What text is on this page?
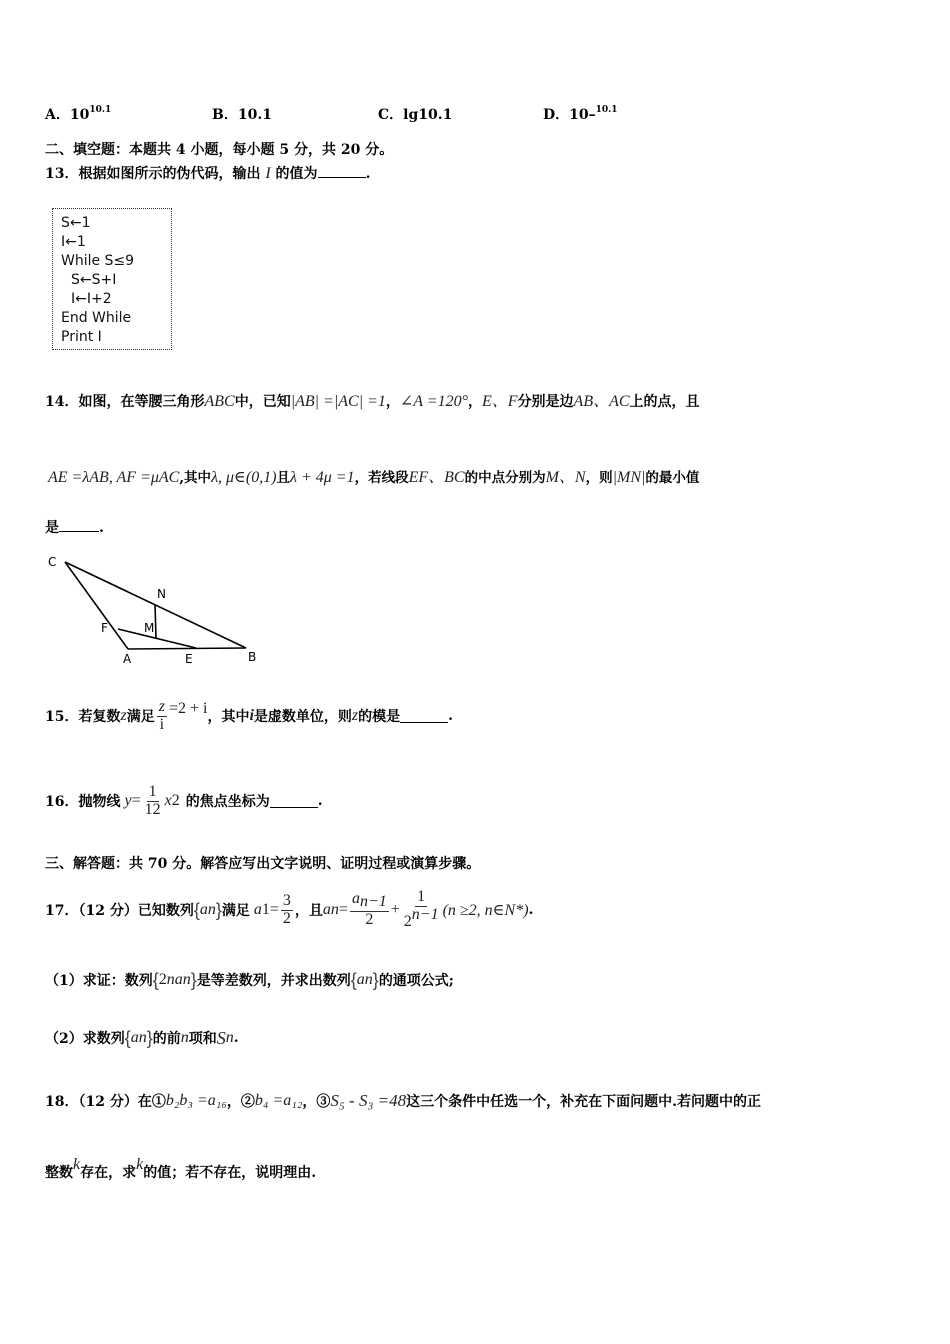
A．$10^{10.1}$	B．10.1	C．lg10.1	D．10–$^{10.1}$
二、填空题：本题共 4 小题，每小题 5 分，共 20 分。
13．根据如图所示的伪代码，输出 I 的值为	.
S←1
I←1
While S≤9
S←S+I
I←I+2
End While
Print I
14．如图，在等腰三角形ABC中，已知|AB| =|AC| =1，∠A =120°，E、F分别是边AB、AC上的点，且
AE =λAB, AF =μAC,其中λ, μ∈(0,1)且λ + 4μ =1，若线段EF、BC的中点分别为M、N，则|MN|的最小值
是	.
C
N
F	M
A	E	B
15．若复数 z 满足 $\frac{z}{i} =2 + i$ ，其中 i 是虚数单位，则 z 的模是	.
16．抛物线 $y = \frac{1}{12}$ x 2 的焦点坐标为	.
三、解答题：共 70 分。解答应写出文字说明、证明过程或演算步骤。
17．（12 分）已知数列 { a n } 满足 a $1 = \frac{3}{2}$ ，且 a $n = \frac{a_{n-1}}{2} + \frac{1}{2^{n-1}} (n \ge 2$, n∈N*) .
（1）求证：数列 { 2 n a n } 是等差数列，并求出数列 { a n } 的通项公式;
（2）求数列 { a n } 的前 n 项和 S n .
18．（12 分）在① b₂b₃ =a₁₆ ，② b₄ =a₁₂ ，③ S₅ - S₃ =48 这三个条件中任选一个，补充在下面问题中.若问题中的正
整数 k 存在，求 k 的值；若不存在，说明理由.
